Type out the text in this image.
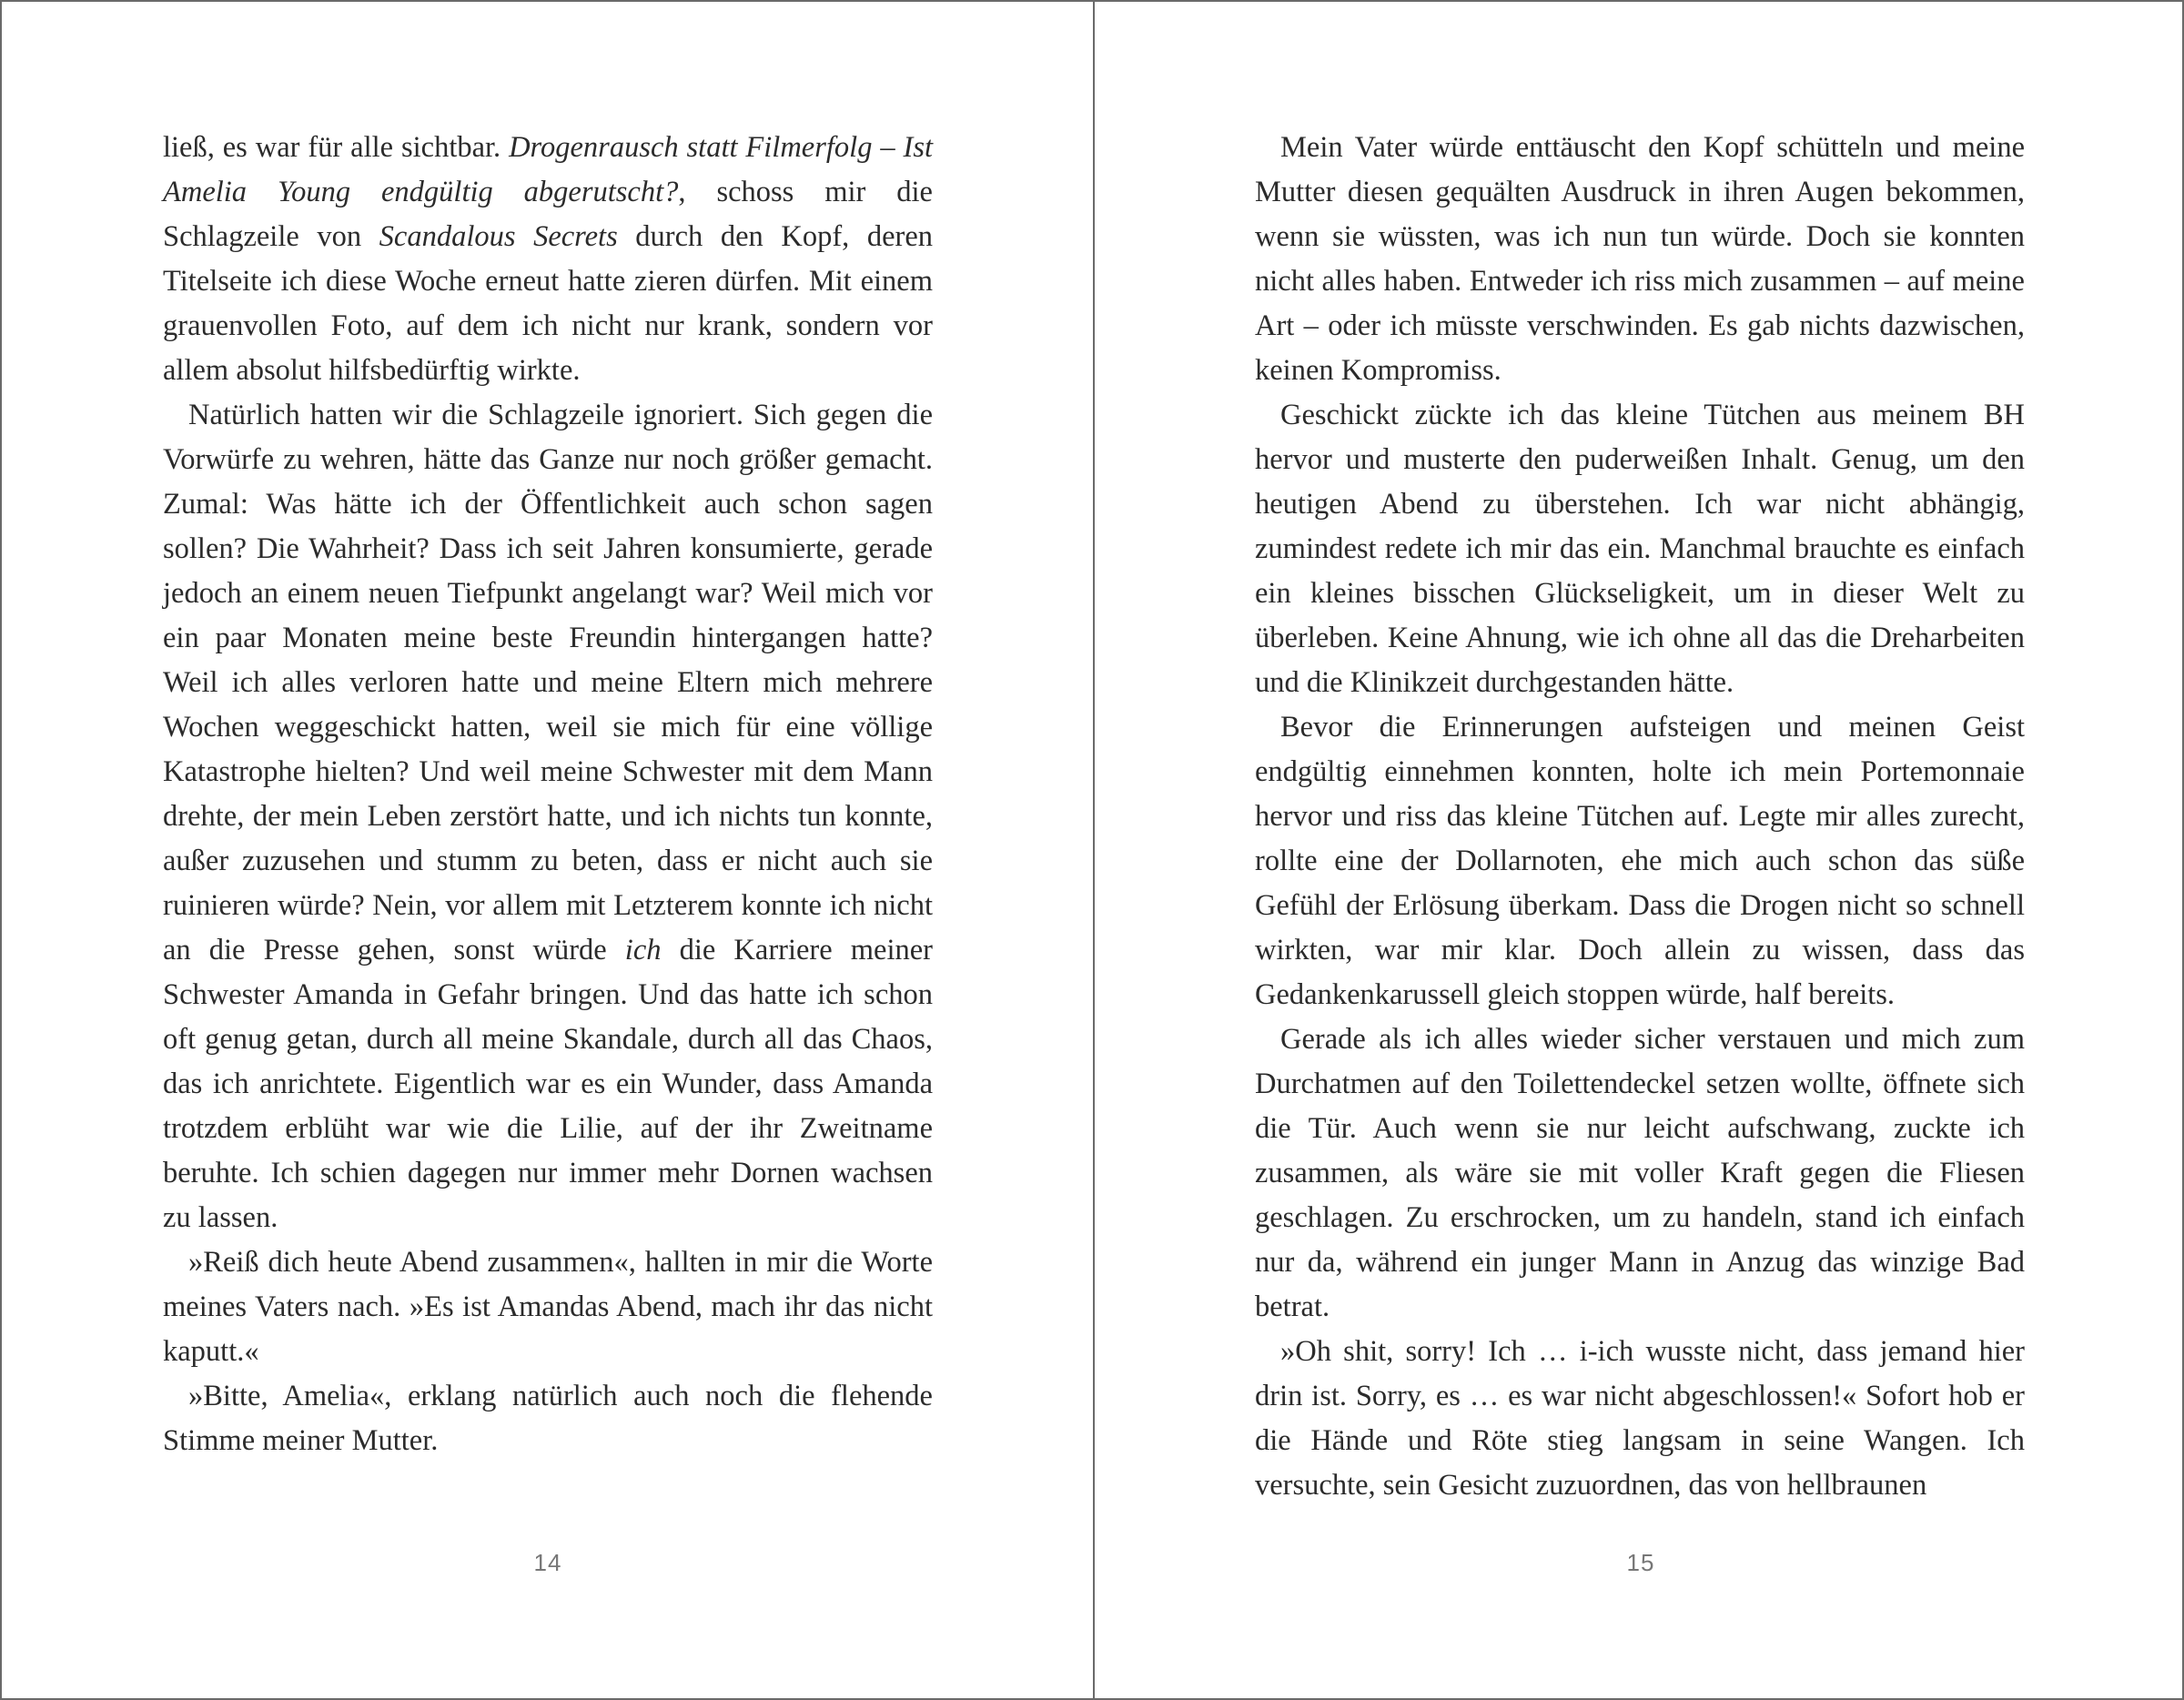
ließ, es war für alle sichtbar. Drogenrausch statt Filmerfolg – Ist Amelia Young endgültig abgerutscht?, schoss mir die Schlagzeile von Scandalous Secrets durch den Kopf, deren Titelseite ich diese Woche erneut hatte zieren dürfen. Mit einem grauenvollen Foto, auf dem ich nicht nur krank, sondern vor allem absolut hilfsbedürftig wirkte.

Natürlich hatten wir die Schlagzeile ignoriert. Sich gegen die Vorwürfe zu wehren, hätte das Ganze nur noch größer gemacht. Zumal: Was hätte ich der Öffentlichkeit auch schon sagen sollen? Die Wahrheit? Dass ich seit Jahren konsumierte, gerade jedoch an einem neuen Tiefpunkt angelangt war? Weil mich vor ein paar Monaten meine beste Freundin hintergangen hatte? Weil ich alles verloren hatte und meine Eltern mich mehrere Wochen weggeschickt hatten, weil sie mich für eine völlige Katastrophe hielten? Und weil meine Schwester mit dem Mann drehte, der mein Leben zerstört hatte, und ich nichts tun konnte, außer zuzusehen und stumm zu beten, dass er nicht auch sie ruinieren würde? Nein, vor allem mit Letzterem konnte ich nicht an die Presse gehen, sonst würde ich die Karriere meiner Schwester Amanda in Gefahr bringen. Und das hatte ich schon oft genug getan, durch all meine Skandale, durch all das Chaos, das ich anrichtete. Eigentlich war es ein Wunder, dass Amanda trotzdem erblüht war wie die Lilie, auf der ihr Zweitname beruhte. Ich schien dagegen nur immer mehr Dornen wachsen zu lassen.

»Reiß dich heute Abend zusammen«, hallten in mir die Worte meines Vaters nach. »Es ist Amandas Abend, mach ihr das nicht kaputt.«

»Bitte, Amelia«, erklang natürlich auch noch die flehende Stimme meiner Mutter.

14

Mein Vater würde enttäuscht den Kopf schütteln und meine Mutter diesen gequälten Ausdruck in ihren Augen bekommen, wenn sie wüssten, was ich nun tun würde. Doch sie konnten nicht alles haben. Entweder ich riss mich zusammen – auf meine Art – oder ich müsste verschwinden. Es gab nichts dazwischen, keinen Kompromiss.

Geschickt zückte ich das kleine Tütchen aus meinem BH hervor und musterte den puderweißen Inhalt. Genug, um den heutigen Abend zu überstehen. Ich war nicht abhängig, zumindest redete ich mir das ein. Manchmal brauchte es einfach ein kleines bisschen Glückseligkeit, um in dieser Welt zu überleben. Keine Ahnung, wie ich ohne all das die Dreharbeiten und die Klinikzeit durchgestanden hätte.

Bevor die Erinnerungen aufsteigen und meinen Geist endgültig einnehmen konnten, holte ich mein Portemonnaie hervor und riss das kleine Tütchen auf. Legte mir alles zurecht, rollte eine der Dollarnoten, ehe mich auch schon das süße Gefühl der Erlösung überkam. Dass die Drogen nicht so schnell wirkten, war mir klar. Doch allein zu wissen, dass das Gedankenkarussell gleich stoppen würde, half bereits.

Gerade als ich alles wieder sicher verstauen und mich zum Durchatmen auf den Toilettendeckel setzen wollte, öffnete sich die Tür. Auch wenn sie nur leicht aufschwang, zuckte ich zusammen, als wäre sie mit voller Kraft gegen die Fliesen geschlagen. Zu erschrocken, um zu handeln, stand ich einfach nur da, während ein junger Mann in Anzug das winzige Bad betrat.

»Oh shit, sorry! Ich … i-ich wusste nicht, dass jemand hier drin ist. Sorry, es … es war nicht abgeschlossen!« Sofort hob er die Hände und Röte stieg langsam in seine Wangen. Ich versuchte, sein Gesicht zuzuordnen, das von hellbraunen

15
